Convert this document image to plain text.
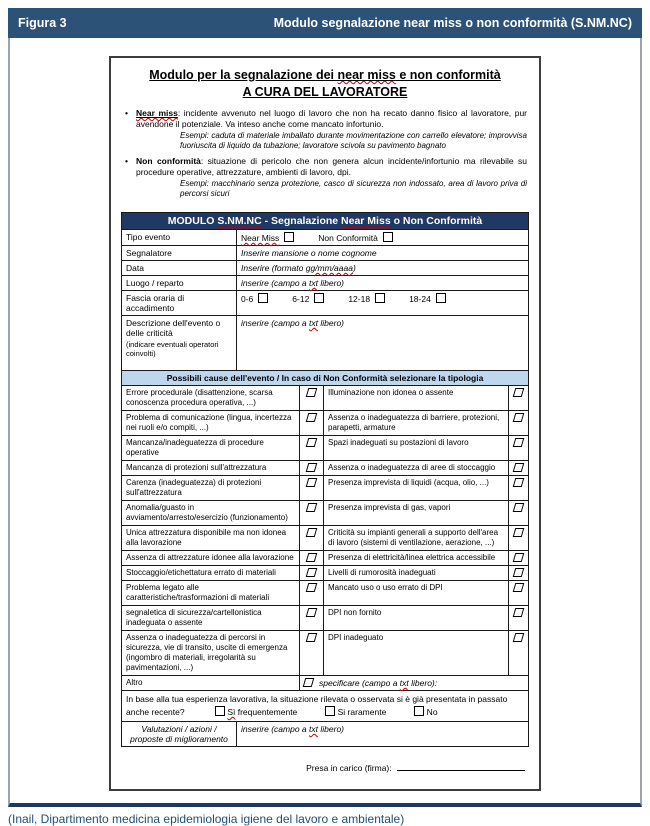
Figura 3	Modulo segnalazione near miss o non conformità (S.NM.NC)
Modulo per la segnalazione dei near miss e non conformità
A CURA DEL LAVORATORE
• Near miss: incidente avvenuto nel luogo di lavoro che non ha recato danno fisico al lavoratore, pur avendone il potenziale. Va inteso anche come mancato infortunio.
Esempi: caduta di materiale imballato durante movimentazione con carrello elevatore; improvvisa fuoriuscita di liquido da tubazione; lavoratore scivola su pavimento bagnato
• Non conformità: situazione di pericolo che non genera alcun incidente/infortunio ma rilevabile su procedure operative, attrezzature, ambienti di lavoro, dpi.
Esempi: macchinario senza protezione, casco di sicurezza non indossato, area di lavoro priva di percorsi sicuri
MODULO S.NM.NC - Segnalazione Near Miss o Non Conformità	

Tipo evento	Near Miss Non Conformità

Segnalatore	Inserire mansione o nome cognome

Data	Inserire (formato gg/mm/aaaa)

Luogo / reparto	inserire (campo a txt libero)

Fascia oraria di accadimento	0-6 6-12 12-18 18-24

Descrizione dell'evento o delle criticità
(indicare eventuali operatori coinvolti)	inserire (campo a txt libero)
Possibili cause dell'evento / In caso di Non Conformità selezionare la tipologia			
Errore procedurale (disattenzione, scarsa conoscenza procedura operativa, ...)		Illuminazione non idonea o assente	
Problema di comunicazione (lingua, incertezza nei ruoli e/o compiti, ...)		Assenza o inadeguatezza di barriere, protezioni, parapetti, armature	
Mancanza/inadeguatezza di procedure operative		Spazi inadeguati su postazioni di lavoro	
Mancanza di protezioni sull'attrezzatura		Assenza o inadeguatezza di aree di stoccaggio	
Carenza (inadeguatezza) di protezioni sull'attrezzatura		Presenza imprevista di liquidi (acqua, olio, ...)	
Anomalia/guasto in avviamento/arresto/esercizio (funzionamento)		Presenza imprevista di gas, vapori	
Unica attrezzatura disponibile ma non idonea alla lavorazione		Criticità su impianti generali a supporto dell'area di lavoro (sistemi di ventilazione, aerazione, ...)	
Assenza di attrezzature idonee alla lavorazione		Presenza di elettricità/linea elettrica accessibile	
Stoccaggio/etichettatura errato di materiali		Livelli di rumorosità inadeguati	
Problema legato alle caratteristiche/trasformazioni di materiali		Mancato uso o uso errato di DPI	
segnaletica di sicurezza/cartellonistica inadeguata o assente		DPI non fornito	
Assenza o inadeguatezza di percorsi in sicurezza, vie di transito, uscite di emergenza (ingombro di materiali, irregolarità su pavimentazioni, ...)		DPI inadeguato	
Altro	specificare (campo a txt libero):		
In base alla tua esperienza lavorativa, la situazione rilevata o osservata si è già presentata in passato anche recente? Sì frequentemente Si raramente No			
Valutazioni / azioni / proposte di miglioramento	inserire (campo a txt libero)
Presa in carico (firma):
(Inail, Dipartimento medicina epidemiologia igiene del lavoro e ambientale)
